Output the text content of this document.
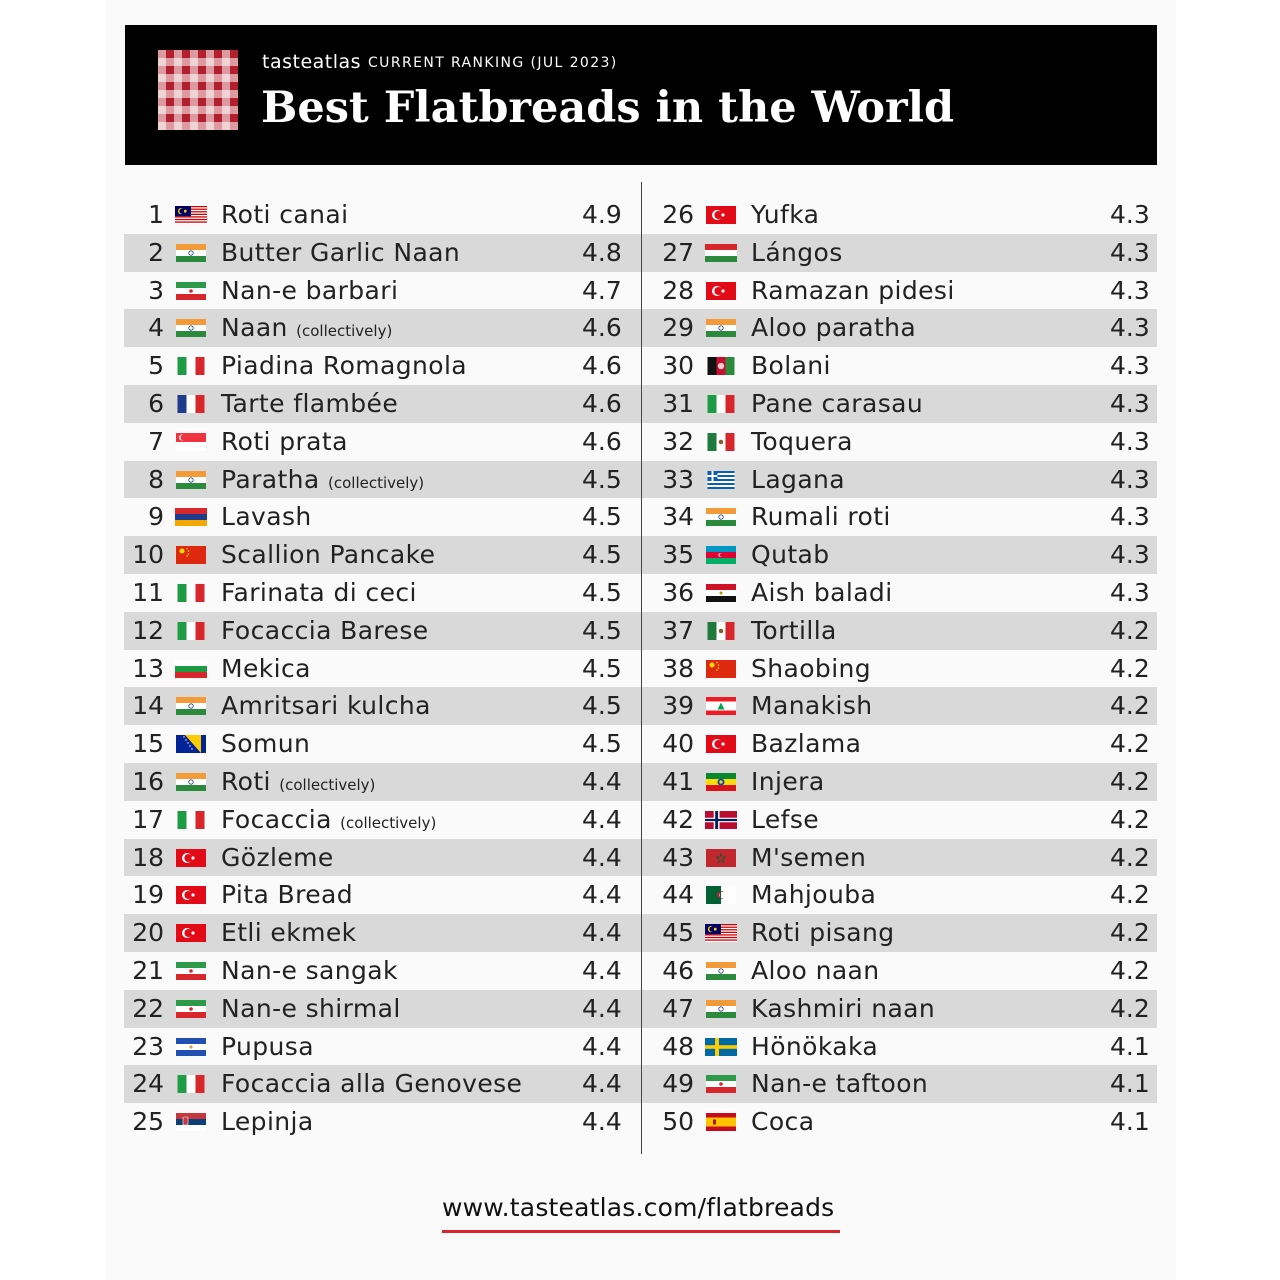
tasteatlas CURRENT RANKING (JUL 2023)
Best Flatbreads in the World
1 Roti canai	4.9
2 Butter Garlic Naan	4.8
3 Nan-e barbari	4.7
4 Naan (collectively)	4.6
5 Piadina Romagnola	4.6
6 Tarte flambée	4.6
7 Roti prata	4.6
8 Paratha (collectively)	4.5
9 Lavash	4.5
10 Scallion Pancake	4.5
11 Farinata di ceci	4.5
12 Focaccia Barese	4.5
13 Mekica	4.5
14 Amritsari kulcha	4.5
15 Somun	4.5
16 Roti (collectively)	4.4
17 Focaccia (collectively)	4.4
18 Gözleme	4.4
19 Pita Bread	4.4
20 Etli ekmek	4.4
21 Nan-e sangak	4.4
22 Nan-e shirmal	4.4
23 Pupusa	4.4
24 Focaccia alla Genovese 4.4
25 Lepinja	4.4
26 Yufka	4.3
27 Lángos	4.3
28 Ramazan pidesi	4.3
29 Aloo paratha	4.3
30 Bolani	4.3
31 Pane carasau	4.3
32 Toquera	4.3
33 Lagana	4.3
34 Rumali roti	4.3
35 Qutab	4.3
36 Aish baladi	4.3
37 Tortilla	4.2
38 Shaobing	4.2
39 Manakish	4.2
40 Bazlama	4.2
41 Injera	4.2
42 Lefse	4.2
43 M'semen	4.2
44 Mahjouba	4.2
45 Roti pisang	4.2
46 Aloo naan	4.2
47 Kashmiri naan	4.2
48 Hönökaka	4.1
49 Nan-e taftoon	4.1
50 Coca	4.1
www.tasteatlas.com/flatbreads
